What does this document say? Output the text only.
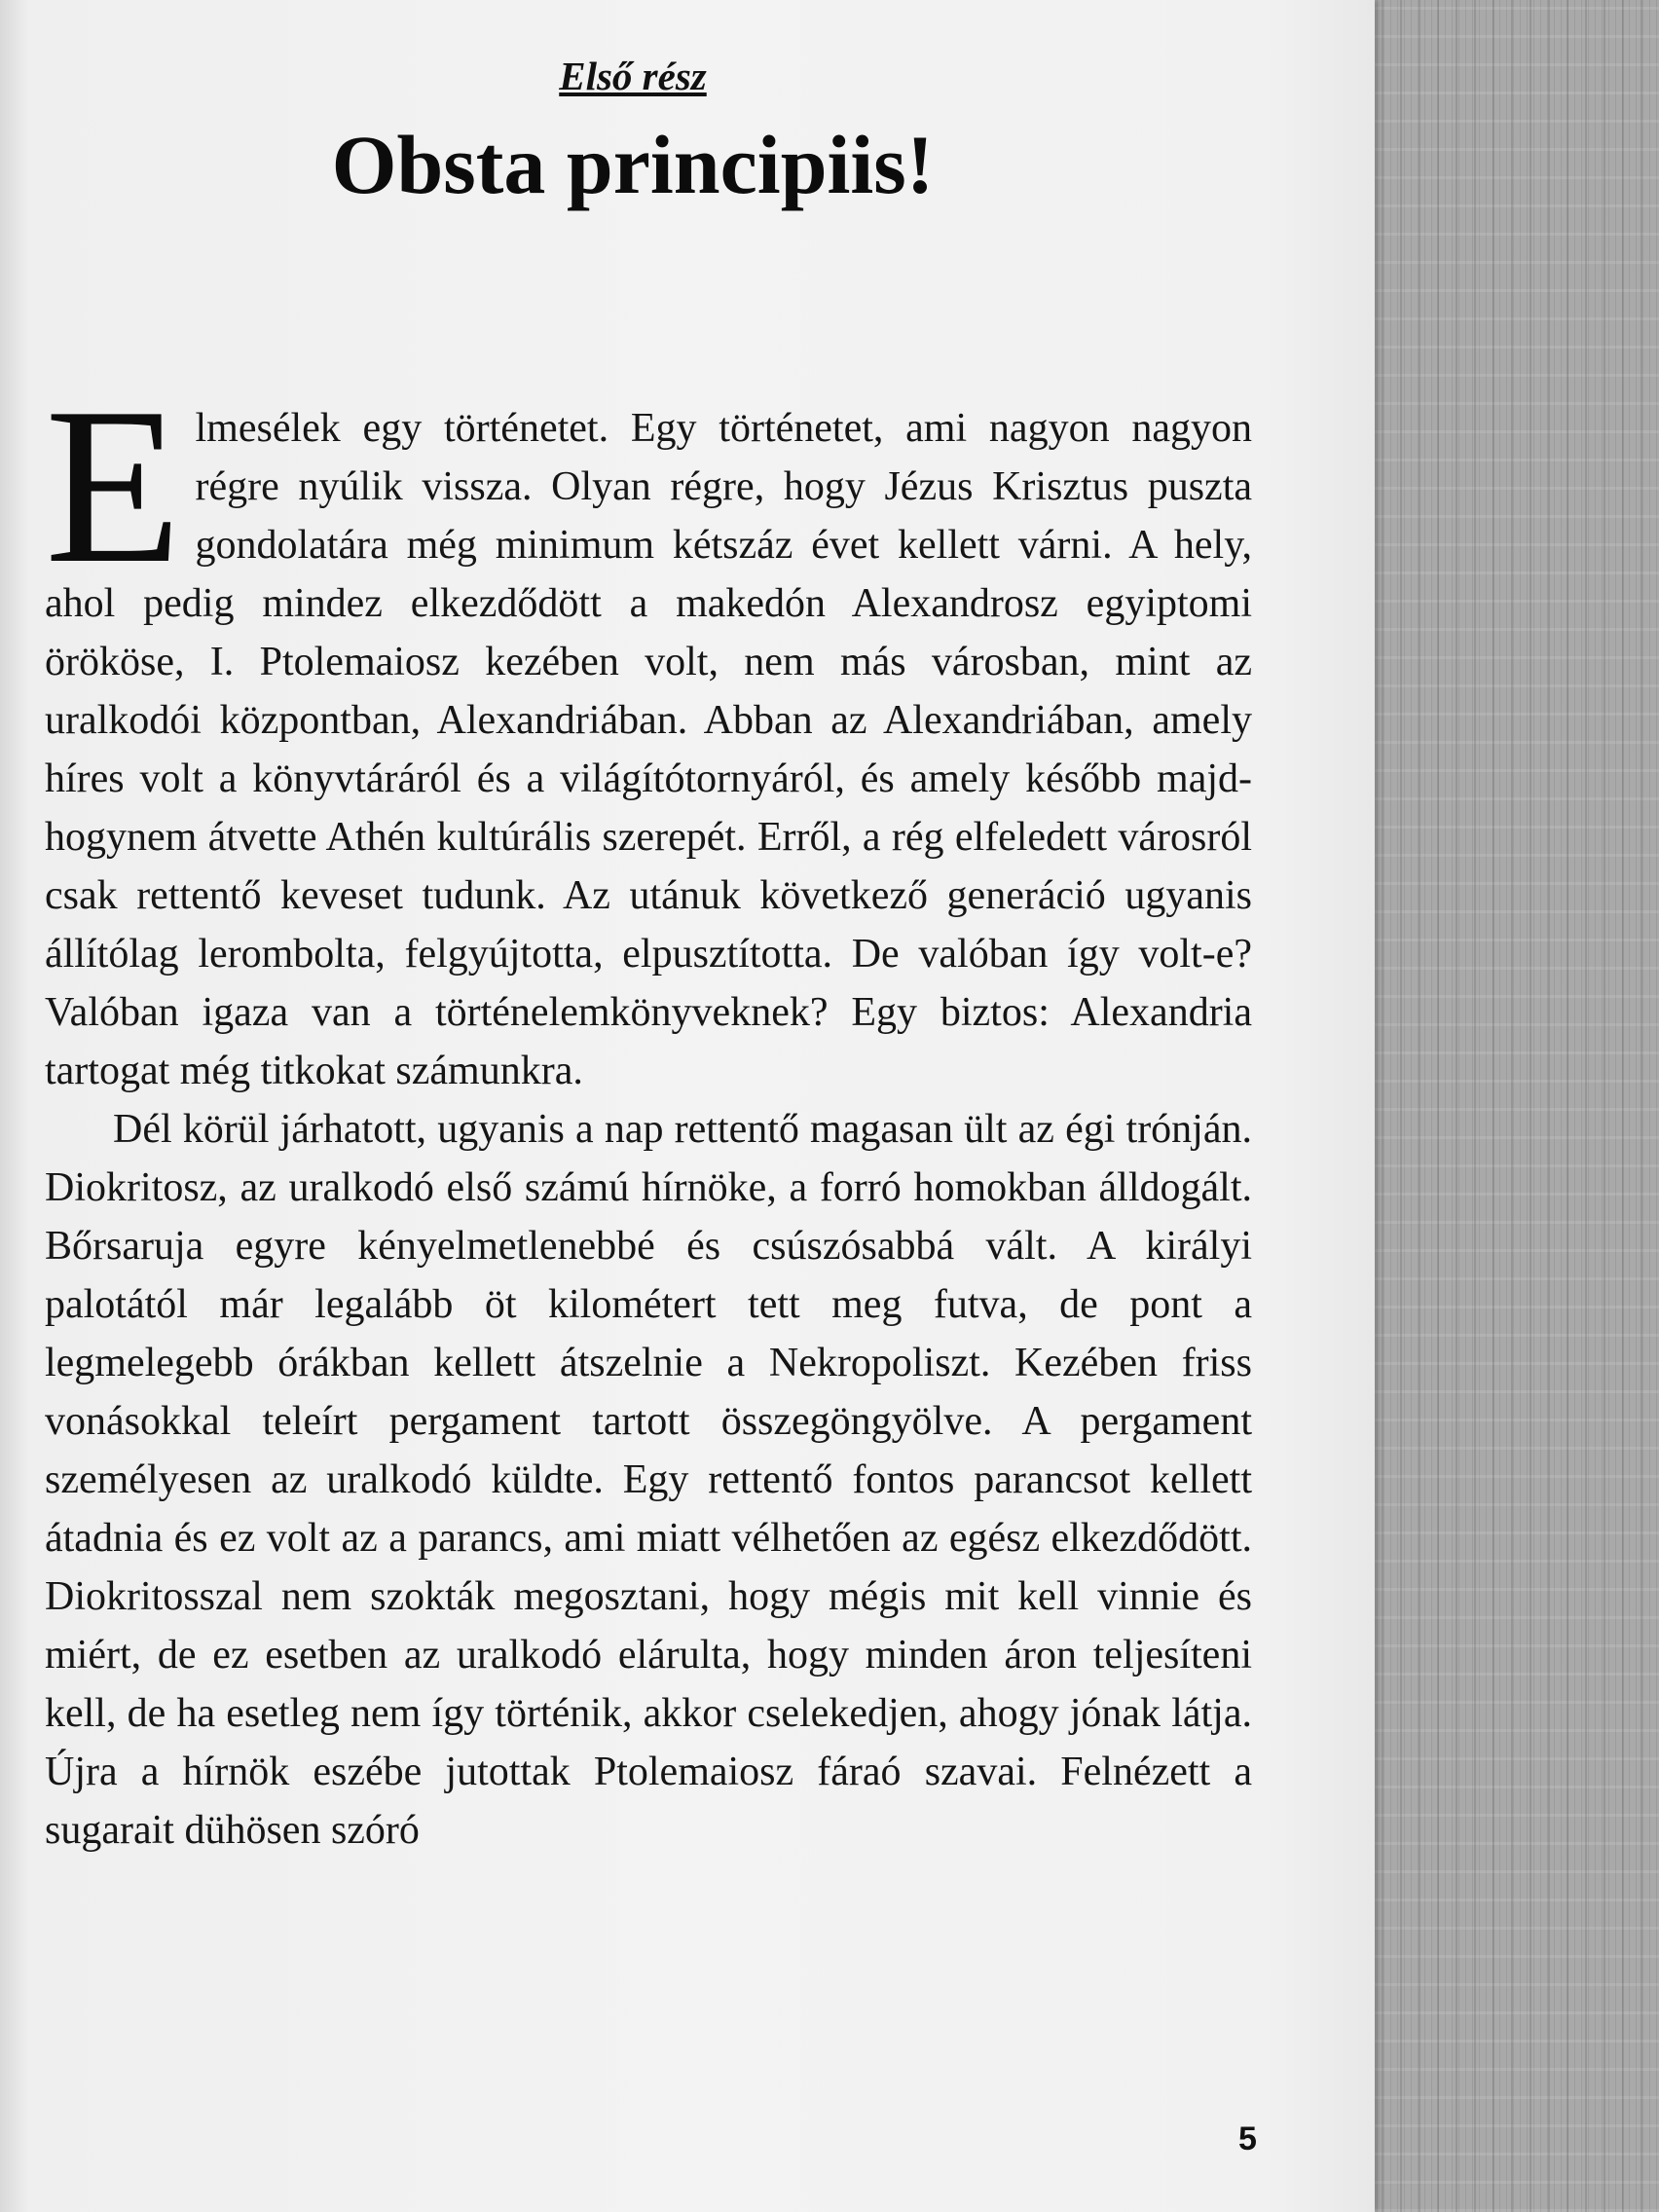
Első rész
Obsta principiis!

Elmesélek egy történetet. Egy történetet, ami nagyon nagyon régre nyúlik vissza. Olyan régre, hogy Jézus Krisztus puszta gondolatára még minimum kétszáz évet kellett várni. A hely, ahol pedig mindez elkezdődött a makedón Alexandrosz egyiptomi örököse, I. Ptolemaiosz kezében volt, nem más városban, mint az uralkodói központban, Alexandriában. Abban az Alexandriában, amely híres volt a könyvtáráról és a világítótornyáról, és amely később majdhogynem átvette Athén kultúrális szerepét. Erről, a rég elfeledett városról csak rettentő keveset tudunk. Az utánuk következő generáció ugyanis állítólag lerombolta, felgyújtotta, elpusztította. De valóban így volt-e? Valóban igaza van a történelemkönyveknek? Egy biztos: Alexandria tartogat még titkokat számunkra.

Dél körül járhatott, ugyanis a nap rettentő magasan ült az égi trónján. Diokritosz, az uralkodó első számú hírnöke, a forró homokban álldogált. Bőrsaruja egyre kényelmetlenebbé és csúszósabbá vált. A királyi palotától már legalább öt kilométert tett meg futva, de pont a legmelegebb órákban kellett átszelnie a Nekropoliszt. Kezében friss vonásokkal teleírt pergament tartott összegöngyölve. A pergament személyesen az uralkodó küldte. Egy rettentő fontos parancsot kellett átadnia és ez volt az a parancs, ami miatt vélhetően az egész elkezdődött. Diokritosszal nem szokták megosztani, hogy mégis mit kell vinnie és miért, de ez esetben az uralkodó elárulta, hogy minden áron teljesíteni kell, de ha esetleg nem így történik, akkor cselekedjen, ahogy jónak látja. Újra a hírnök eszébe jutottak Ptolemaiosz fáraó szavai. Felnézett a sugarait dühösen szóró

5
